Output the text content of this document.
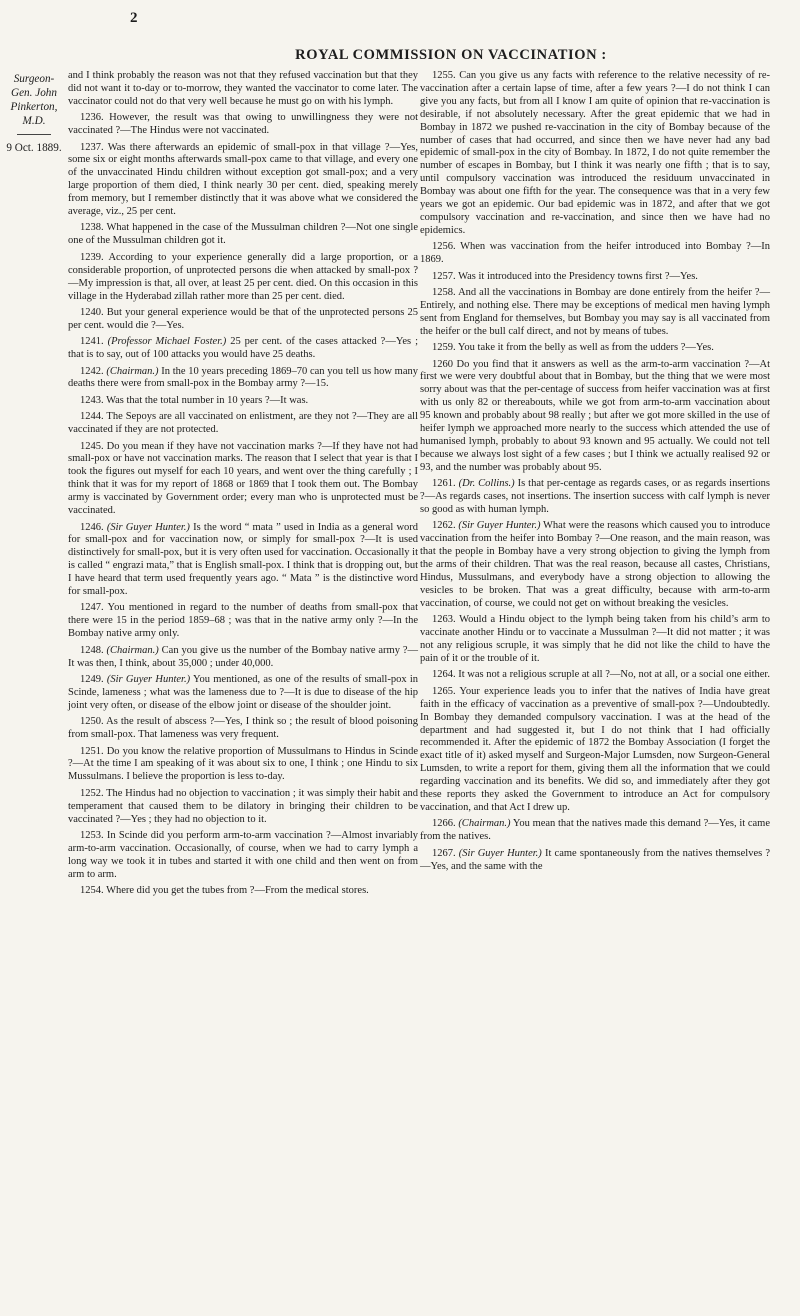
2
ROYAL COMMISSION ON VACCINATION :
Surgeon-Gen. John Pinkerton, M.D.
9 Oct. 1889.

and I think probably the reason was not that they refused vaccination but that they did not want it to-day or to-morrow, they wanted the vaccinator to come later. The vaccinator could not do that very well because he must go on with his lymph.

1236. However, the result was that owing to unwillingness they were not vaccinated ?—The Hindus were not vaccinated.

1237. Was there afterwards an epidemic of small-pox in that village ?—Yes, some six or eight months afterwards small-pox came to that village, and every one of the unvaccinated Hindu children without exception got small-pox; and a very large proportion of them died, I think nearly 30 per cent. died, speaking merely from memory, but I remember distinctly that it was above what we considered the average, viz., 25 per cent.

1238. What happened in the case of the Mussulman children ?—Not one single one of the Mussulman children got it.

1239. According to your experience generally did a large proportion, or a considerable proportion, of unprotected persons die when attacked by small-pox ?—My impression is that, all over, at least 25 per cent. died. On this occasion in this village in the Hyderabad zillah rather more than 25 per cent. died.

1240. But your general experience would be that of the unprotected persons 25 per cent. would die ?—Yes.

1241. (Professor Michael Foster.) 25 per cent. of the cases attacked ?—Yes ; that is to say, out of 100 attacks you would have 25 deaths.

1242. (Chairman.) In the 10 years preceding 1869–70 can you tell us how many deaths there were from small-pox in the Bombay army ?—15.

1243. Was that the total number in 10 years ?—It was.

1244. The Sepoys are all vaccinated on enlistment, are they not ?—They are all vaccinated if they are not protected.

1245. Do you mean if they have not vaccination marks ?—If they have not had small-pox or have not vaccination marks. The reason that I select that year is that I took the figures out myself for each 10 years, and went over the thing carefully ; I think that it was for my report of 1868 or 1869 that I took them out. The Bombay army is vaccinated by Government order; every man who is unprotected must be vaccinated.

1246. (Sir Guyer Hunter.) Is the word “ mata ” used in India as a general word for small-pox and for vaccination now, or simply for small-pox ?—It is used distinctively for small-pox, but it is very often used for vaccination. Occasionally it is called “ engrazi mata,” that is English small-pox. I think that is dropping out, but I have heard that term used frequently years ago. “ Mata ” is the distinctive word for small-pox.

1247. You mentioned in regard to the number of deaths from small-pox that there were 15 in the period 1859–68 ; was that in the native army only ?—In the Bombay native army only.

1248. (Chairman.) Can you give us the number of the Bombay native army ?—It was then, I think, about 35,000 ; under 40,000.

1249. (Sir Guyer Hunter.) You mentioned, as one of the results of small-pox in Scinde, lameness ; what was the lameness due to ?—It is due to disease of the hip joint very often, or disease of the elbow joint or disease of the shoulder joint.

1250. As the result of abscess ?—Yes, I think so ; the result of blood poisoning from small-pox. That lameness was very frequent.

1251. Do you know the relative proportion of Mussulmans to Hindus in Scinde ?—At the time I am speaking of it was about six to one, I think ; one Hindu to six Mussulmans. I believe the proportion is less to-day.

1252. The Hindus had no objection to vaccination ; it was simply their habit and temperament that caused them to be dilatory in bringing their children to be vaccinated ?—Yes ; they had no objection to it.

1253. In Scinde did you perform arm-to-arm vaccination ?—Almost invariably arm-to-arm vaccination. Occasionally, of course, when we had to carry lymph a long way we took it in tubes and started it with one child and then went on from arm to arm.

1254. Where did you get the tubes from ?—From the medical stores.

1255. Can you give us any facts with reference to the relative necessity of re-vaccination after a certain lapse of time, after a few years ?—I do not think I can give you any facts, but from all I know I am quite of opinion that re-vaccination is desirable, if not absolutely necessary. After the great epidemic that we had in Bombay in 1872 we pushed re-vaccination in the city of Bombay because of the number of cases that had occurred, and since then we have never had any bad epidemic of small-pox in the city of Bombay. In 1872, I do not quite remember the number of escapes in Bombay, but I think it was nearly one fifth ; that is to say, until compulsory vaccination was introduced the residuum unvaccinated in Bombay was about one fifth for the year. The consequence was that in a very few years we got an epidemic. Our bad epidemic was in 1872, and after that we got compulsory vaccination and re-vaccination, and since then we have had no epidemics.

1256. When was vaccination from the heifer introduced into Bombay ?—In 1869.

1257. Was it introduced into the Presidency towns first ?—Yes.

1258. And all the vaccinations in Bombay are done entirely from the heifer ?—Entirely, and nothing else. There may be exceptions of medical men having lymph sent from England for themselves, but Bombay you may say is all vaccinated from the heifer or the bull calf direct, and not by means of tubes.

1259. You take it from the belly as well as from the udders ?—Yes.

1260 Do you find that it answers as well as the arm-to-arm vaccination ?—At first we were very doubtful about that in Bombay, but the thing that we were most sorry about was that the per-centage of success from heifer vaccination was at first with us only 82 or thereabouts, while we got from arm-to-arm vaccination about 95 known and probably about 98 really ; but after we got more skilled in the use of heifer lymph we approached more nearly to the success which attended the use of humanised lymph, probably to about 93 known and 95 actually. We could not tell because we always lost sight of a few cases ; but I think we actually realised 92 or 93, and the number was probably about 95.

1261. (Dr. Collins.) Is that per-centage as regards cases, or as regards insertions ?—As regards cases, not insertions. The insertion success with calf lymph is never so good as with human lymph.

1262. (Sir Guyer Hunter.) What were the reasons which caused you to introduce vaccination from the heifer into Bombay ?—One reason, and the main reason, was that the people in Bombay have a very strong objection to giving the lymph from the arms of their children. That was the real reason, because all castes, Christians, Hindus, Mussulmans, and everybody have a strong objection to allowing the vesicles to be broken. That was a great difficulty, because with arm-to-arm vaccination, of course, we could not get on without breaking the vesicles.

1263. Would a Hindu object to the lymph being taken from his child’s arm to vaccinate another Hindu or to vaccinate a Mussulman ?—It did not matter ; it was not any religious scruple, it was simply that he did not like the child to have the pain of it or the trouble of it.

1264. It was not a religious scruple at all ?—No, not at all, or a social one either.

1265. Your experience leads you to infer that the natives of India have great faith in the efficacy of vaccination as a preventive of small-pox ?—Undoubtedly. In Bombay they demanded compulsory vaccination. I was at the head of the department and had suggested it, but I do not think that I had officially recommended it. After the epidemic of 1872 the Bombay Association (I forget the exact title of it) asked myself and Surgeon-Major Lumsden, now Surgeon-General Lumsden, to write a report for them, giving them all the information that we could regarding vaccination and its benefits. We did so, and immediately after they got these reports they asked the Government to introduce an Act for compulsory vaccination, and that Act I drew up.

1266. (Chairman.) You mean that the natives made this demand ?—Yes, it came from the natives.

1267. (Sir Guyer Hunter.) It came spontaneously from the natives themselves ?—Yes, and the same with the
